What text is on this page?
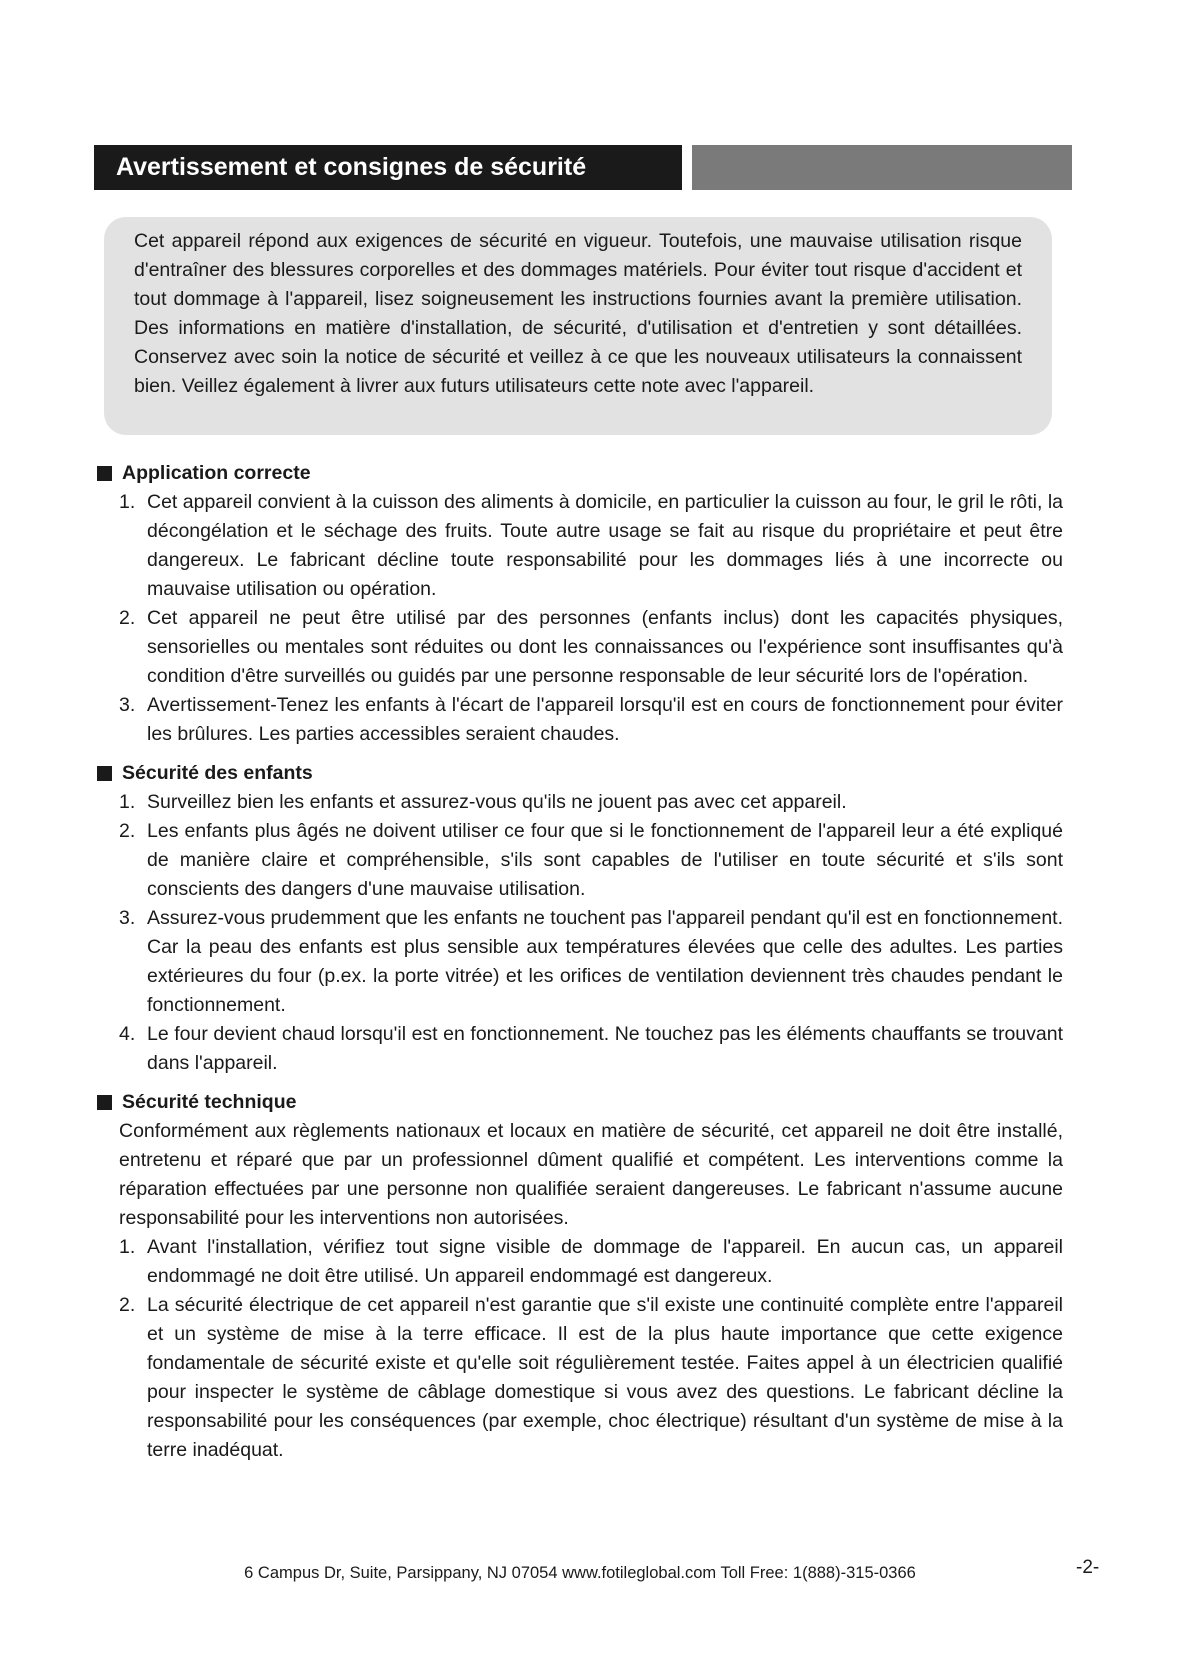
Avertissement et consignes de sécurité

Cet appareil répond aux exigences de sécurité en vigueur. Toutefois, une mauvaise utilisation risque d'entraîner des blessures corporelles et des dommages matériels. Pour éviter tout risque d'accident et tout dommage à l'appareil, lisez soigneusement les instructions fournies avant la première utilisation. Des informations en matière d'installation, de sécurité, d'utilisation et d'entretien y sont détaillées. Conservez avec soin la notice de sécurité et veillez à ce que les nouveaux utilisateurs la connaissent bien. Veillez également à livrer aux futurs utilisateurs cette note avec l'appareil.

Application correcte

1. Cet appareil convient à la cuisson des aliments à domicile, en particulier la cuisson au four, le gril le rôti, la décongélation et le séchage des fruits. Toute autre usage se fait au risque du propriétaire et peut être dangereux. Le fabricant décline toute responsabilité pour les dommages liés à une incorrecte ou mauvaise utilisation ou opération.
2. Cet appareil ne peut être utilisé par des personnes (enfants inclus) dont les capacités physiques, sensorielles ou mentales sont réduites ou dont les connaissances ou l'expérience sont insuffisantes qu'à condition d'être surveillés ou guidés par une personne responsable de leur sécurité lors de l'opération.
3. Avertissement-Tenez les enfants à l'écart de l'appareil lorsqu'il est en cours de fonctionnement pour éviter les brûlures. Les parties accessibles seraient chaudes.

Sécurité des enfants

1. Surveillez bien les enfants et assurez-vous qu'ils ne jouent pas avec cet appareil.
2. Les enfants plus âgés ne doivent utiliser ce four que si le fonctionnement de l'appareil leur a été expliqué de manière claire et compréhensible, s'ils sont capables de l'utiliser en toute sécurité et s'ils sont conscients des dangers d'une mauvaise utilisation.
3. Assurez-vous prudemment que les enfants ne touchent pas l'appareil pendant qu'il est en fonctionnement. Car la peau des enfants est plus sensible aux températures élevées que celle des adultes. Les parties extérieures du four (p.ex. la porte vitrée) et les orifices de ventilation deviennent très chaudes pendant le fonctionnement.
4. Le four devient chaud lorsqu'il est en fonctionnement. Ne touchez pas les éléments chauffants se trouvant dans l'appareil.

Sécurité technique

Conformément aux règlements nationaux et locaux en matière de sécurité, cet appareil ne doit être installé, entretenu et réparé que par un professionnel dûment qualifié et compétent. Les interventions comme la réparation effectuées par une personne non qualifiée seraient dangereuses. Le fabricant n'assume aucune responsabilité pour les interventions non autorisées.

1. Avant l'installation, vérifiez tout signe visible de dommage de l'appareil. En aucun cas, un appareil endommagé ne doit être utilisé. Un appareil endommagé est dangereux.
2. La sécurité électrique de cet appareil n'est garantie que s'il existe une continuité complète entre l'appareil et un système de mise à la terre efficace. Il est de la plus haute importance que cette exigence fondamentale de sécurité existe et qu'elle soit régulièrement testée. Faites appel à un électricien qualifié pour inspecter le système de câblage domestique si vous avez des questions. Le fabricant décline la responsabilité pour les conséquences (par exemple, choc électrique) résultant d'un système de mise à la terre inadéquat.
6 Campus Dr, Suite, Parsippany, NJ 07054 www.fotileglobal.com Toll Free: 1(888)-315-0366	-2-
